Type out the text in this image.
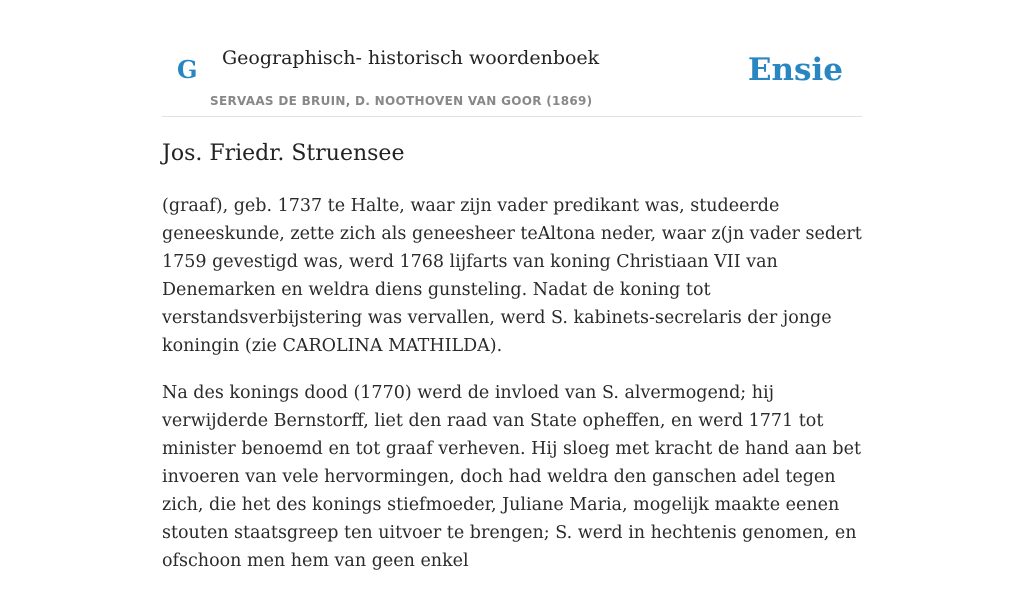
G Geographisch- historisch woordenboek
SERVAAS DE BRUIN, D. NOOTHOVEN VAN GOOR (1869)
Ensie
Jos. Friedr. Struensee

(graaf), geb. 1737 te Halte, waar zijn vader predikant was, studeerde geneeskunde, zette zich als geneesheer teAltona neder, waar z(jn vader sedert 1759 gevestigd was, werd 1768 lijfarts van koning Christiaan VII van Denemarken en weldra diens gunsteling. Nadat de koning tot verstandsverbijstering was vervallen, werd S. kabinets-secrelaris der jonge koningin (zie CAROLINA MATHILDA).

Na des konings dood (1770) werd de invloed van S. alvermogend; hij verwijderde Bernstorff, liet den raad van State opheffen, en werd 1771 tot minister benoemd en tot graaf verheven. Hij sloeg met kracht de hand aan bet invoeren van vele hervormingen, doch had weldra den ganschen adel tegen zich, die het des konings stiefmoeder, Juliane Maria, mogelijk maakte eenen stouten staatsgreep ten uitvoer te brengen; S. werd in hechtenis genomen, en ofschoon men hem van geen enkel
